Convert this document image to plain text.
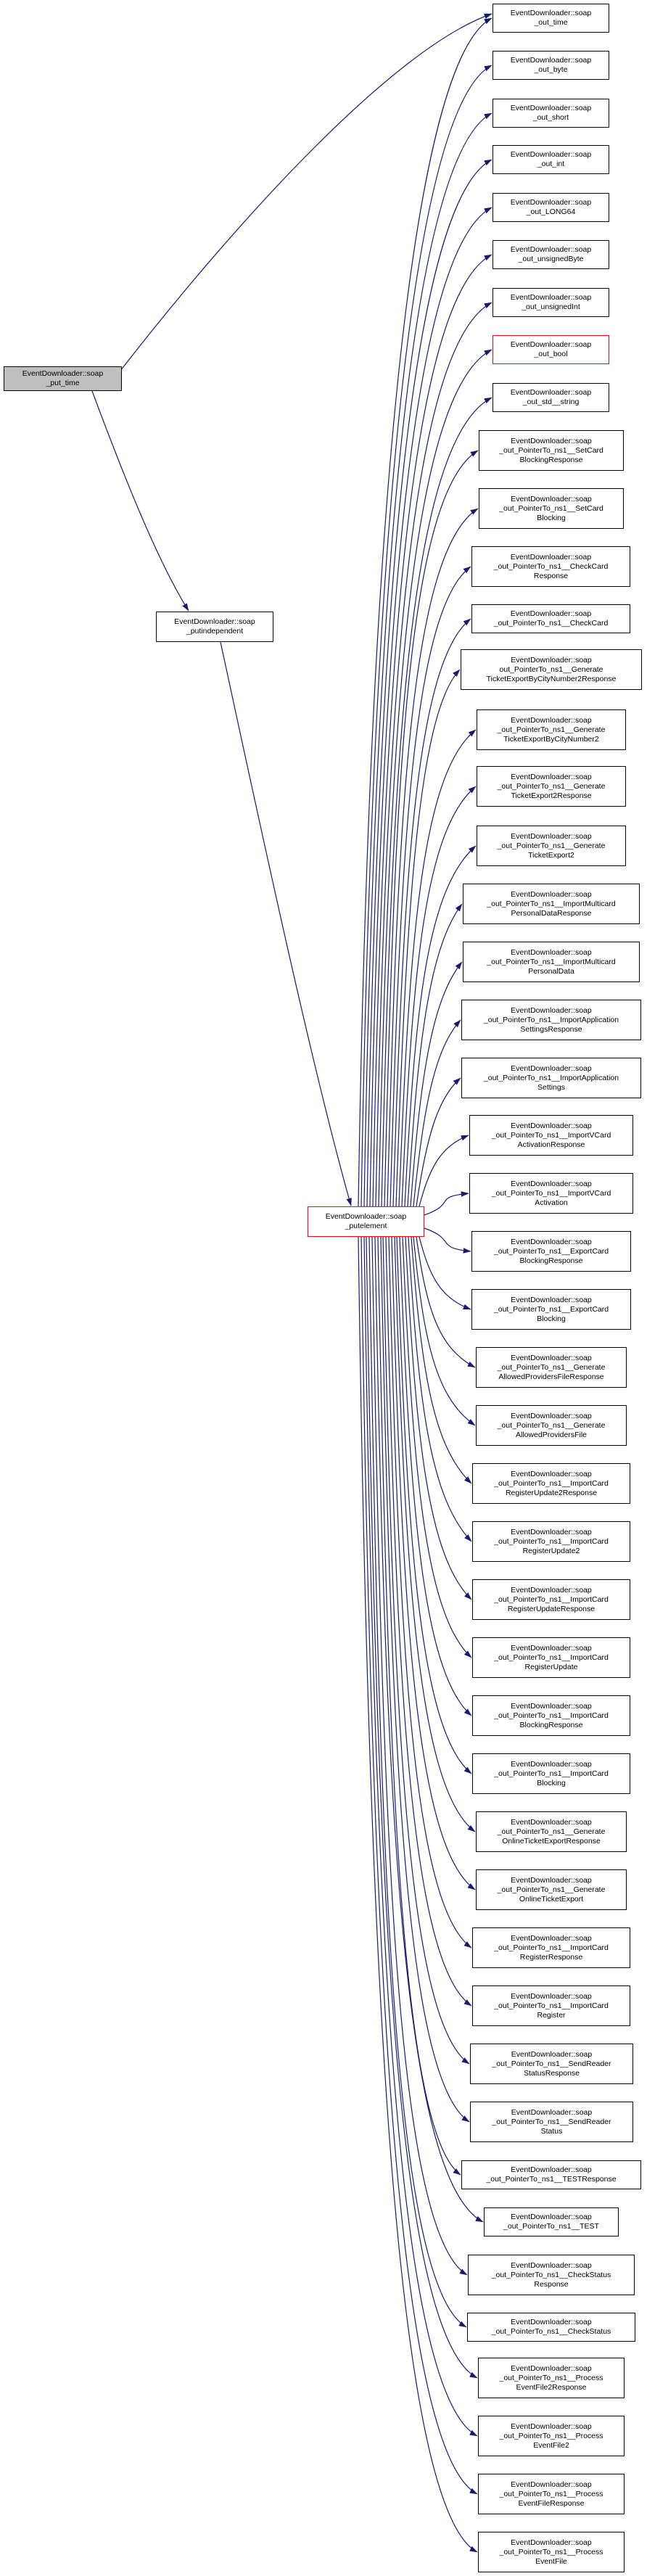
EventDownloader::soap
_put_time
EventDownloader::soap
_putindependent
EventDownloader::soap
_putelement
EventDownloader::soap
_out_time
EventDownloader::soap
_out_byte
EventDownloader::soap
_out_short
EventDownloader::soap
_out_int
EventDownloader::soap
_out_LONG64
EventDownloader::soap
_out_unsignedByte
EventDownloader::soap
_out_unsignedInt
EventDownloader::soap
_out_bool
EventDownloader::soap
_out_std__string
EventDownloader::soap
_out_PointerTo_ns1__SetCard
BlockingResponse
EventDownloader::soap
_out_PointerTo_ns1__SetCard
Blocking
EventDownloader::soap
_out_PointerTo_ns1__CheckCard
Response
EventDownloader::soap
_out_PointerTo_ns1__CheckCard
EventDownloader::soap
out_PointerTo_ns1__Generate
TicketExportByCityNumber2Response
EventDownloader::soap
_out_PointerTo_ns1__Generate
TicketExportByCityNumber2
EventDownloader::soap
_out_PointerTo_ns1__Generate
TicketExport2Response
EventDownloader::soap
_out_PointerTo_ns1__Generate
TicketExport2
EventDownloader::soap
_out_PointerTo_ns1__ImportMulticard
PersonalDataResponse
EventDownloader::soap
_out_PointerTo_ns1__ImportMulticard
PersonalData
EventDownloader::soap
_out_PointerTo_ns1__ImportApplication
SettingsResponse
EventDownloader::soap
_out_PointerTo_ns1__ImportApplication
Settings
EventDownloader::soap
_out_PointerTo_ns1__ImportVCard
ActivationResponse
EventDownloader::soap
_out_PointerTo_ns1__ImportVCard
Activation
EventDownloader::soap
_out_PointerTo_ns1__ExportCard
BlockingResponse
EventDownloader::soap
_out_PointerTo_ns1__ExportCard
Blocking
EventDownloader::soap
_out_PointerTo_ns1__Generate
AllowedProvidersFileResponse
EventDownloader::soap
_out_PointerTo_ns1__Generate
AllowedProvidersFile
EventDownloader::soap
_out_PointerTo_ns1__ImportCard
RegisterUpdate2Response
EventDownloader::soap
_out_PointerTo_ns1__ImportCard
RegisterUpdate2
EventDownloader::soap
_out_PointerTo_ns1__ImportCard
RegisterUpdateResponse
EventDownloader::soap
_out_PointerTo_ns1__ImportCard
RegisterUpdate
EventDownloader::soap
_out_PointerTo_ns1__ImportCard
BlockingResponse
EventDownloader::soap
_out_PointerTo_ns1__ImportCard
Blocking
EventDownloader::soap
_out_PointerTo_ns1__Generate
OnlineTicketExportResponse
EventDownloader::soap
_out_PointerTo_ns1__Generate
OnlineTicketExport
EventDownloader::soap
_out_PointerTo_ns1__ImportCard
RegisterResponse
EventDownloader::soap
_out_PointerTo_ns1__ImportCard
Register
EventDownloader::soap
_out_PointerTo_ns1__SendReader
StatusResponse
EventDownloader::soap
_out_PointerTo_ns1__SendReader
Status
EventDownloader::soap
_out_PointerTo_ns1__TESTResponse
EventDownloader::soap
_out_PointerTo_ns1__TEST
EventDownloader::soap
_out_PointerTo_ns1__CheckStatus
Response
EventDownloader::soap
_out_PointerTo_ns1__CheckStatus
EventDownloader::soap
_out_PointerTo_ns1__Process
EventFile2Response
EventDownloader::soap
_out_PointerTo_ns1__Process
EventFile2
EventDownloader::soap
_out_PointerTo_ns1__Process
EventFileResponse
EventDownloader::soap
_out_PointerTo_ns1__Process
EventFile
